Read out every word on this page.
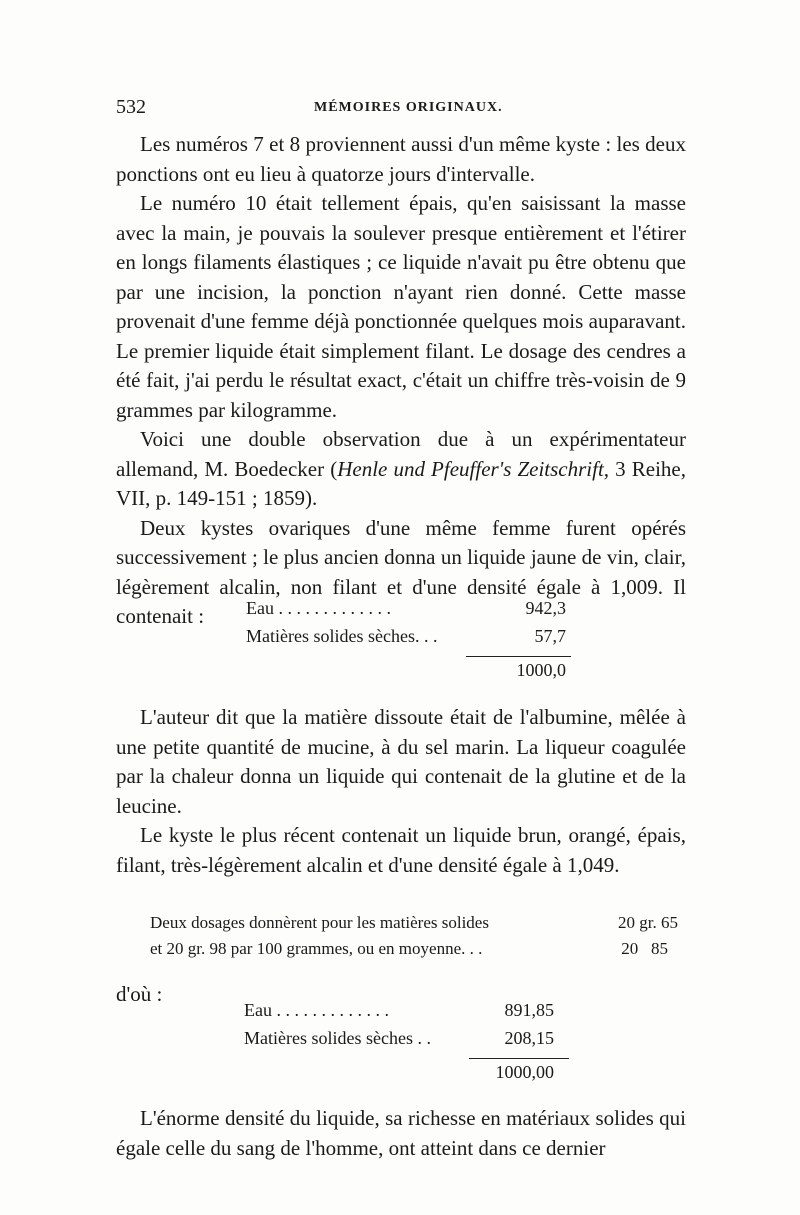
532	MÉMOIRES ORIGINAUX.

Les numéros 7 et 8 proviennent aussi d'un même kyste : les deux ponctions ont eu lieu à quatorze jours d'intervalle.

Le numéro 10 était tellement épais, qu'en saisissant la masse avec la main, je pouvais la soulever presque entièrement et l'étirer en longs filaments élastiques ; ce liquide n'avait pu être obtenu que par une incision, la ponction n'ayant rien donné. Cette masse provenait d'une femme déjà ponctionnée quelques mois auparavant. Le premier liquide était simplement filant. Le dosage des cendres a été fait, j'ai perdu le résultat exact, c'était un chiffre très-voisin de 9 grammes par kilogramme.

Voici une double observation due à un expérimentateur allemand, M. Boedecker (Henle und Pfeuffer's Zeitschrift, 3 Reihe, VII, p. 149-151 ; 1859).

Deux kystes ovariques d'une même femme furent opérés successivement ; le plus ancien donna un liquide jaune de vin, clair, légèrement alcalin, non filant et d'une densité égale à 1,009. Il contenait :	Eau . . . . . . . . . . . . .	942,3
Matières solides sèches. . .	57,7
1000,0

L'auteur dit que la matière dissoute était de l'albumine, mêlée à une petite quantité de mucine, à du sel marin. La liqueur coagulée par la chaleur donna un liquide qui contenait de la glutine et de la leucine.

Le kyste le plus récent contenait un liquide brun, orangé, épais, filant, très-légèrement alcalin et d'une densité égale à 1,049.

Deux dosages donnèrent pour les matières solides	20 gr. 65
et 20 gr. 98 par 100 grammes, ou en moyenne. . .	20   85

d'où :

Eau . . . . . . . . . . . . .	891,85
Matières solides sèches . .	208,15
1000,00

L'énorme densité du liquide, sa richesse en matériaux solides qui égale celle du sang de l'homme, ont atteint dans ce dernier
